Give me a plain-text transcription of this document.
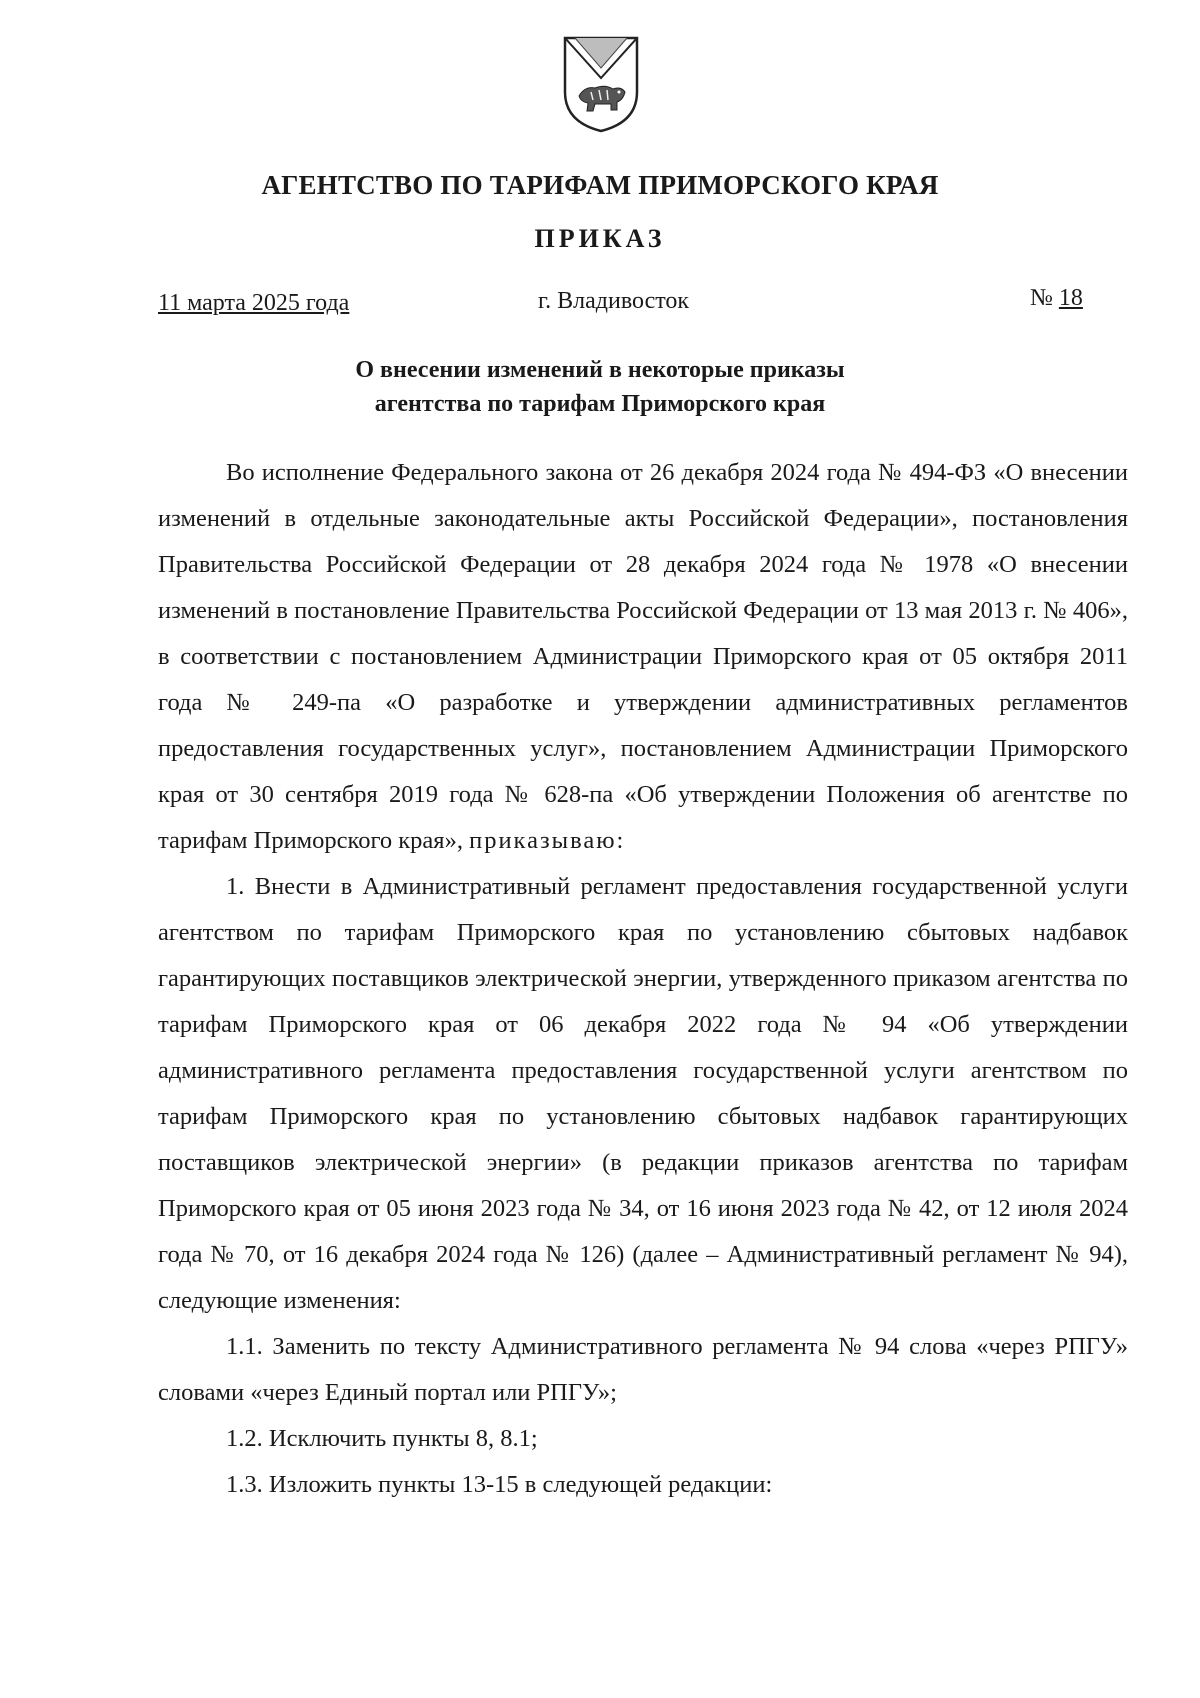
АГЕНТСТВО ПО ТАРИФАМ ПРИМОРСКОГО КРАЯ
ПРИКАЗ
11 марта 2025 года	г. Владивосток	№ 18
О внесении изменений в некоторые приказы
агентства по тарифам Приморского края

Во исполнение Федерального закона от 26 декабря 2024 года № 494-ФЗ «О внесении изменений в отдельные законодательные акты Российской Федерации», постановления Правительства Российской Федерации от 28 декабря 2024 года № 1978 «О внесении изменений в постановление Правительства Российской Федерации от 13 мая 2013 г. № 406», в соответствии с постановлением Администрации Приморского края от 05 октября 2011 года № 249-па «О разработке и утверждении административных регламентов предоставления государственных услуг», постановлением Администрации Приморского края от 30 сентября 2019 года № 628-па «Об утверждении Положения об агентстве по тарифам Приморского края», приказываю:

1. Внести в Административный регламент предоставления государственной услуги агентством по тарифам Приморского края по установлению сбытовых надбавок гарантирующих поставщиков электрической энергии, утвержденного приказом агентства по тарифам Приморского края от 06 декабря 2022 года № 94 «Об утверждении административного регламента предоставления государственной услуги агентством по тарифам Приморского края по установлению сбытовых надбавок гарантирующих поставщиков электрической энергии» (в редакции приказов агентства по тарифам Приморского края от 05 июня 2023 года № 34, от 16 июня 2023 года № 42, от 12 июля 2024 года № 70, от 16 декабря 2024 года № 126) (далее – Административный регламент № 94), следующие изменения:

1.1. Заменить по тексту Административного регламента № 94 слова «через РПГУ» словами «через Единый портал или РПГУ»;

1.2. Исключить пункты 8, 8.1;

1.3. Изложить пункты 13-15 в следующей редакции:
